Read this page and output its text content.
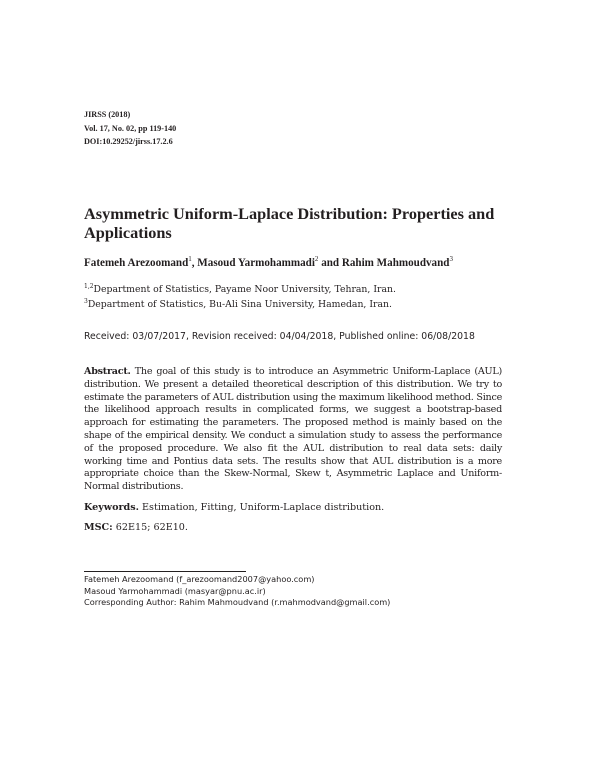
JIRSS (2018)
Vol. 17, No. 02, pp 119-140
DOI:10.29252/jirss.17.2.6
Asymmetric Uniform-Laplace Distribution: Properties and Applications
Fatemeh Arezoomand$^1$, Masoud Yarmohammadi$^2$ and Rahim Mahmoudvand$^3$
$^{1,2}$Department of Statistics, Payame Noor University, Tehran, Iran.
$^3$Department of Statistics, Bu-Ali Sina University, Hamedan, Iran.
Received: 03/07/2017, Revision received: 04/04/2018, Published online: 06/08/2018

Abstract. The goal of this study is to introduce an Asymmetric Uniform-Laplace (AUL) distribution. We present a detailed theoretical description of this distribution. We try to estimate the parameters of AUL distribution using the maximum likelihood method. Since the likelihood approach results in complicated forms, we suggest a bootstrap-based approach for estimating the parameters. The proposed method is mainly based on the shape of the empirical density. We conduct a simulation study to assess the performance of the proposed procedure. We also fit the AUL distribution to real data sets: daily working time and Pontius data sets. The results show that AUL distribution is a more appropriate choice than the Skew-Normal, Skew t, Asymmetric Laplace and Uniform-Normal distributions.

Keywords. Estimation, Fitting, Uniform-Laplace distribution.

MSC: 62E15; 62E10.

Fatemeh Arezoomand (f_arezoomand2007@yahoo.com)
Masoud Yarmohammadi (masyar@pnu.ac.ir)
Corresponding Author: Rahim Mahmoudvand (r.mahmodvand@gmail.com)
